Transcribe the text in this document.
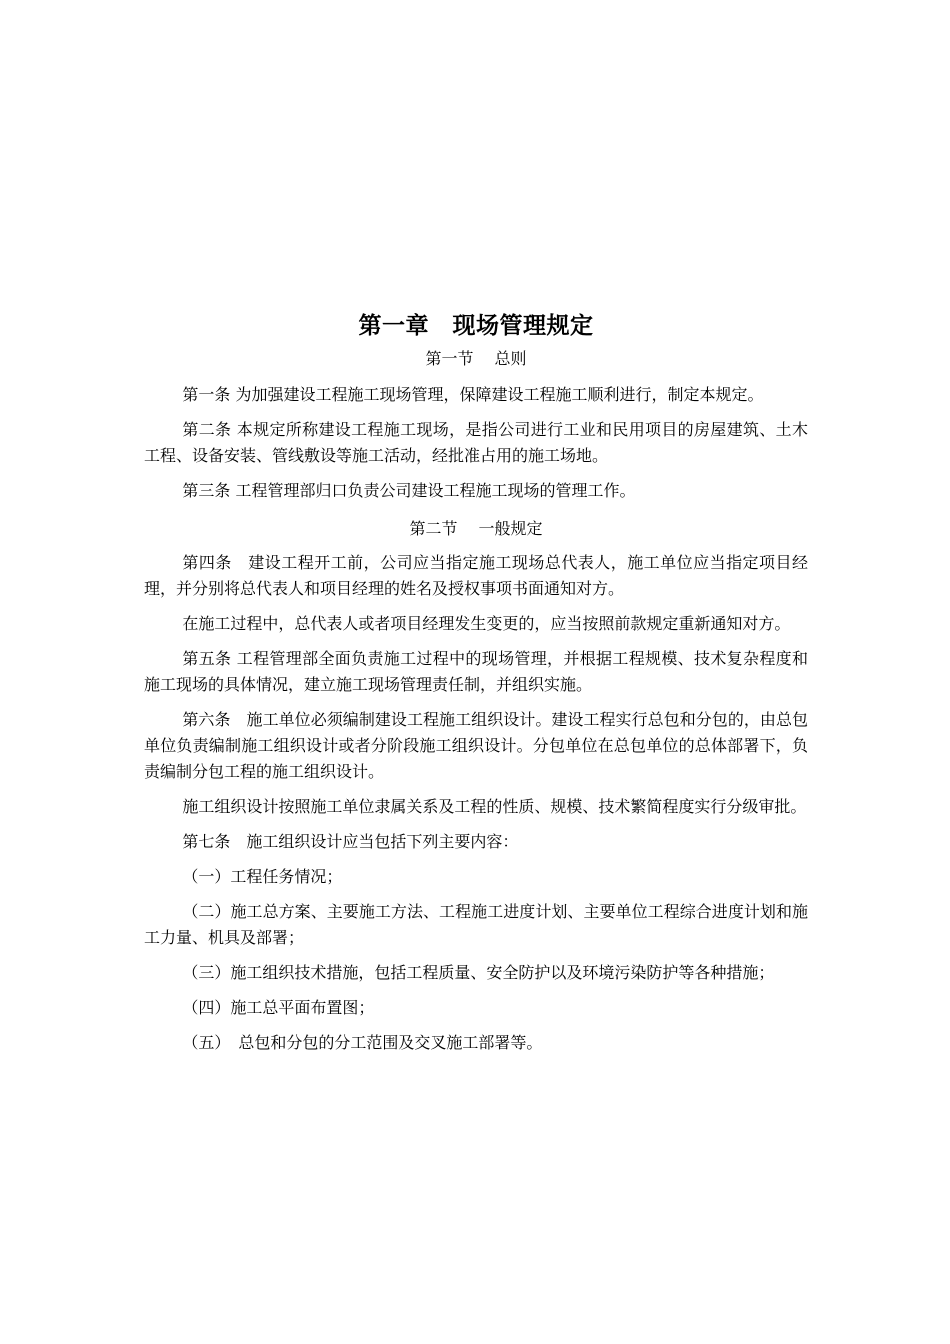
第一章　现场管理规定
第一节　 总则

第一条 为加强建设工程施工现场管理，保障建设工程施工顺利进行，制定本规定。

第二条 本规定所称建设工程施工现场，是指公司进行工业和民用项目的房屋建筑、土木工程、设备安装、管线敷设等施工活动，经批准占用的施工场地。

第三条 工程管理部归口负责公司建设工程施工现场的管理工作。

第二节　 一般规定

第四条　建设工程开工前，公司应当指定施工现场总代表人，施工单位应当指定项目经理，并分别将总代表人和项目经理的姓名及授权事项书面通知对方。

在施工过程中，总代表人或者项目经理发生变更的，应当按照前款规定重新通知对方。

第五条 工程管理部全面负责施工过程中的现场管理，并根据工程规模、技术复杂程度和施工现场的具体情况，建立施工现场管理责任制，并组织实施。

第六条　施工单位必须编制建设工程施工组织设计。建设工程实行总包和分包的，由总包单位负责编制施工组织设计或者分阶段施工组织设计。分包单位在总包单位的总体部署下，负责编制分包工程的施工组织设计。

施工组织设计按照施工单位隶属关系及工程的性质、规模、技术繁简程度实行分级审批。

第七条　施工组织设计应当包括下列主要内容：

（一）工程任务情况；

（二）施工总方案、主要施工方法、工程施工进度计划、主要单位工程综合进度计划和施工力量、机具及部署；

（三）施工组织技术措施，包括工程质量、安全防护以及环境污染防护等各种措施；

（四）施工总平面布置图；

（五）　总包和分包的分工范围及交叉施工部署等。
